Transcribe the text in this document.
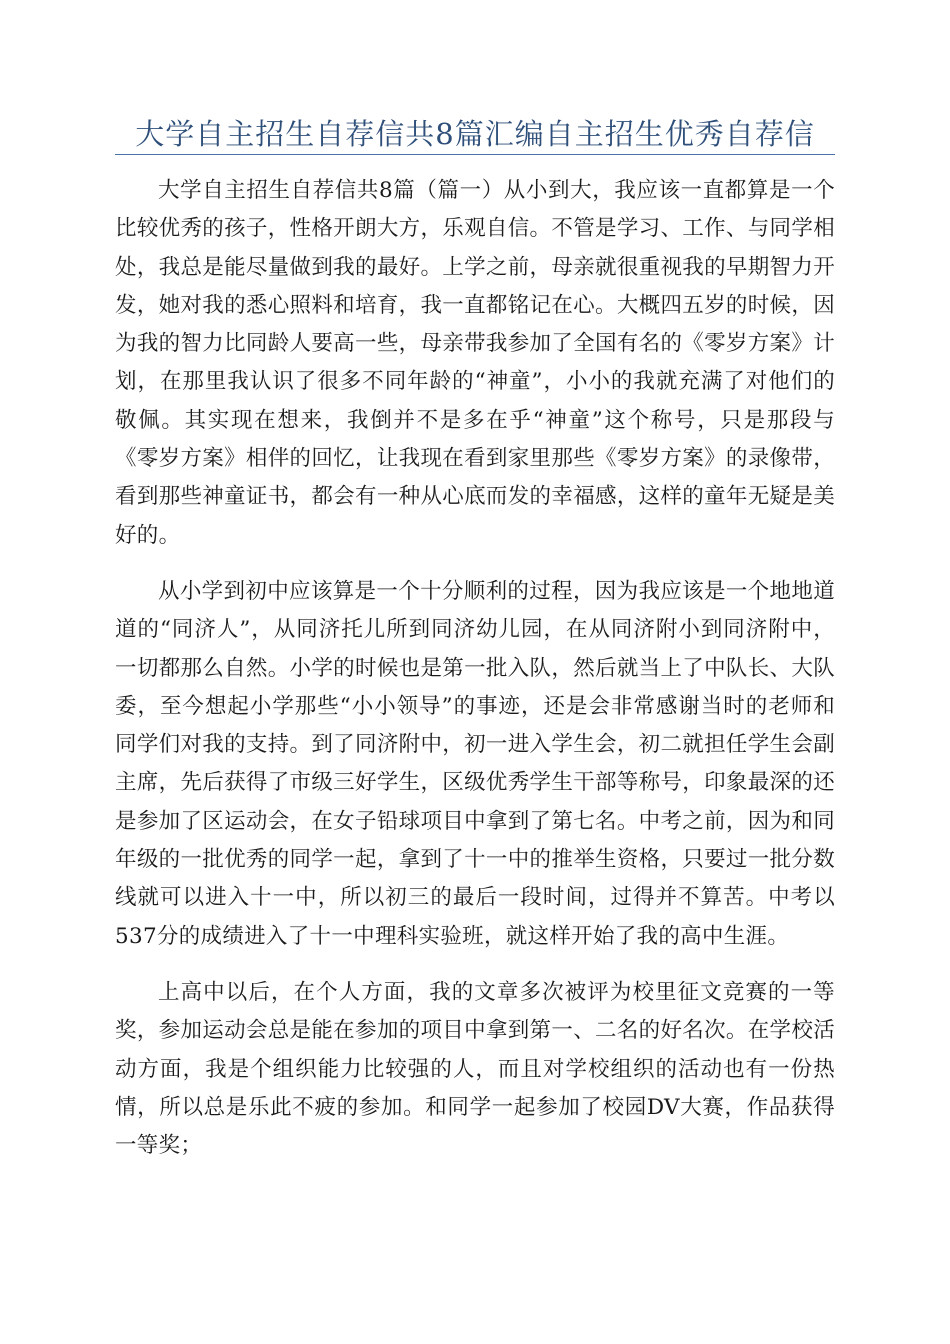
大学自主招生自荐信共8篇汇编自主招生优秀自荐信

大学自主招生自荐信共8篇（篇一）从小到大，我应该一直都算是一个比较优秀的孩子，性格开朗大方，乐观自信。不管是学习、工作、与同学相处，我总是能尽量做到我的最好。上学之前，母亲就很重视我的早期智力开发，她对我的悉心照料和培育，我一直都铭记在心。大概四五岁的时候，因为我的智力比同龄人要高一些，母亲带我参加了全国有名的《零岁方案》计划，在那里我认识了很多不同年龄的“神童”，小小的我就充满了对他们的敬佩。其实现在想来，我倒并不是多在乎“神童”这个称号，只是那段与《零岁方案》相伴的回忆，让我现在看到家里那些《零岁方案》的录像带，看到那些神童证书，都会有一种从心底而发的幸福感，这样的童年无疑是美好的。

从小学到初中应该算是一个十分顺利的过程，因为我应该是一个地地道道的“同济人”，从同济托儿所到同济幼儿园，在从同济附小到同济附中，一切都那么自然。小学的时候也是第一批入队，然后就当上了中队长、大队委，至今想起小学那些“小小领导”的事迹，还是会非常感谢当时的老师和同学们对我的支持。到了同济附中，初一进入学生会，初二就担任学生会副主席，先后获得了市级三好学生，区级优秀学生干部等称号，印象最深的还是参加了区运动会，在女子铅球项目中拿到了第七名。中考之前，因为和同年级的一批优秀的同学一起，拿到了十一中的推举生资格，只要过一批分数线就可以进入十一中，所以初三的最后一段时间，过得并不算苦。中考以537分的成绩进入了十一中理科实验班，就这样开始了我的高中生涯。

上高中以后，在个人方面，我的文章多次被评为校里征文竞赛的一等奖，参加运动会总是能在参加的项目中拿到第一、二名的好名次。在学校活动方面，我是个组织能力比较强的人，而且对学校组织的活动也有一份热情，所以总是乐此不疲的参加。和同学一起参加了校园DV大赛，作品获得一等奖；
